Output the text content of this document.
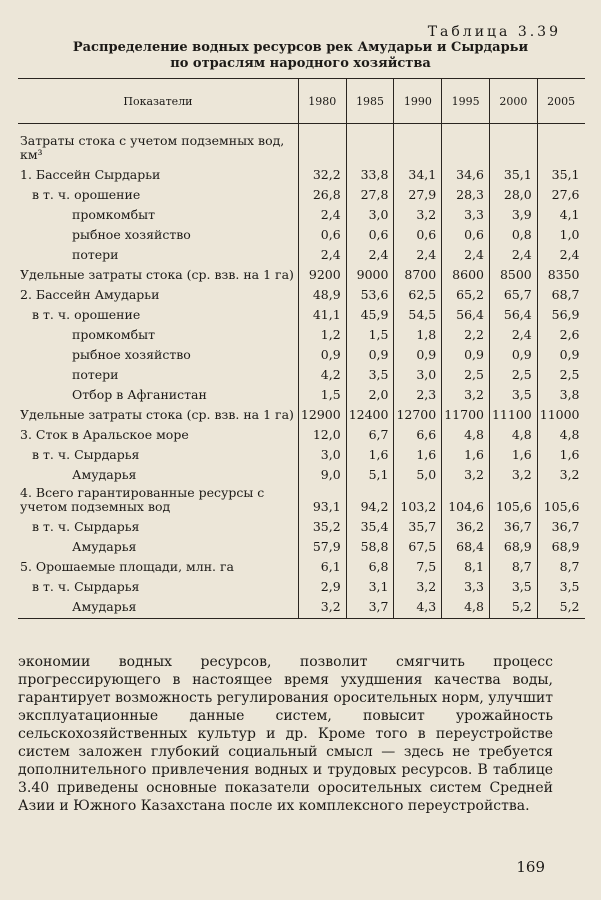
Таблица 3.39
Распределение водных ресурсов рек Амударьи и Сырдарьи
по отраслям народного хозяйства
Показатели	1980	1985	1990	1995	2000	2005

Затраты стока с учетом подземных вод, км³						
1. Бассейн Сырдарьи	32,2	33,8	34,1	34,6	35,1	35,1
в т. ч. орошение	26,8	27,8	27,9	28,3	28,0	27,6
промкомбыт	2,4	3,0	3,2	3,3	3,9	4,1
рыбное хозяйство	0,6	0,6	0,6	0,6	0,8	1,0
потери	2,4	2,4	2,4	2,4	2,4	2,4
Удельные затраты стока (ср. взв. на 1 га)	9200	9000	8700	8600	8500	8350
2. Бассейн Амударьи	48,9	53,6	62,5	65,2	65,7	68,7
в т. ч. орошение	41,1	45,9	54,5	56,4	56,4	56,9
промкомбыт	1,2	1,5	1,8	2,2	2,4	2,6
рыбное хозяйство	0,9	0,9	0,9	0,9	0,9	0,9
потери	4,2	3,5	3,0	2,5	2,5	2,5
Отбор в Афганистан	1,5	2,0	2,3	3,2	3,5	3,8
Удельные затраты стока (ср. взв. на 1 га)	12900	12400	12700	11700	11100	11000
3. Сток в Аральское море	12,0	6,7	6,6	4,8	4,8	4,8
в т. ч. Сырдарья	3,0	1,6	1,6	1,6	1,6	1,6
Амударья	9,0	5,1	5,0	3,2	3,2	3,2
4. Всего гарантированные ресурсы с учетом подземных вод	93,1	94,2	103,2	104,6	105,6	105,6
в т. ч. Сырдарья	35,2	35,4	35,7	36,2	36,7	36,7
Амударья	57,9	58,8	67,5	68,4	68,9	68,9
5. Орошаемые площади, млн. га	6,1	6,8	7,5	8,1	8,7	8,7
в т. ч. Сырдарья	2,9	3,1	3,2	3,3	3,5	3,5
Амударья	3,2	3,7	4,3	4,8	5,2	5,2
экономии водных ресурсов, позволит смягчить процесс прогрессирующего в настоящее время ухудшения качества воды, гарантирует возможность регулирования оросительных норм, улучшит эксплуатационные данные систем, повысит урожайность сельскохозяйственных культур и др. Кроме того в переустройстве систем заложен глубокий социальный смысл — здесь не требуется дополнительного привлечения водных и трудовых ресурсов. В таблице 3.40 приведены основные показатели оросительных систем Средней Азии и Южного Казахстана после их комплексного переустройства.
169
